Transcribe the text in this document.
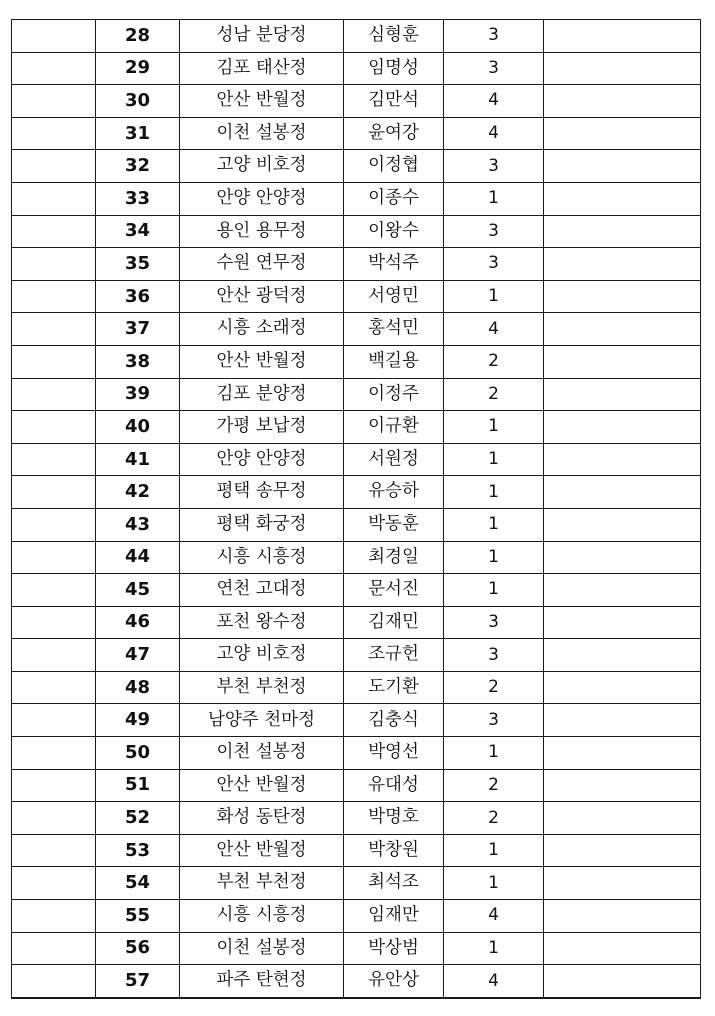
	28	성남 분당정	심형훈	3	
	29	김포 태산정	임명성	3	
	30	안산 반월정	김만석	4	
	31	이천 설봉정	윤여강	4	
	32	고양 비호정	이정협	3	
	33	안양 안양정	이종수	1	
	34	용인 용무정	이왕수	3	
	35	수원 연무정	박석주	3	
	36	안산 광덕정	서영민	1	
	37	시흥 소래정	홍석민	4	
	38	안산 반월정	백길용	2	
	39	김포 분양정	이정주	2	
	40	가평 보납정	이규환	1	
	41	안양 안양정	서원정	1	
	42	평택 송무정	유승하	1	
	43	평택 화궁정	박동훈	1	
	44	시흥 시흥정	최경일	1	
	45	연천 고대정	문서진	1	
	46	포천 왕수정	김재민	3	
	47	고양 비호정	조규헌	3	
	48	부천 부천정	도기환	2	
	49	남양주 천마정	김충식	3	
	50	이천 설봉정	박영선	1	
	51	안산 반월정	유대성	2	
	52	화성 동탄정	박명호	2	
	53	안산 반월정	박창원	1	
	54	부천 부천정	최석조	1	
	55	시흥 시흥정	임재만	4	
	56	이천 설봉정	박상범	1	
	57	파주 탄현정	유안상	4	
